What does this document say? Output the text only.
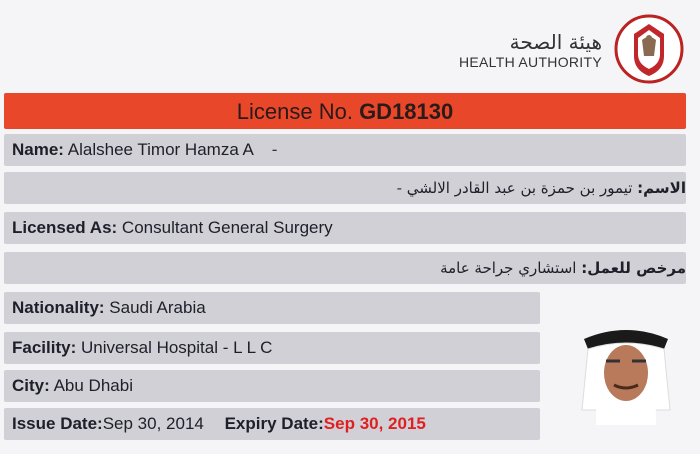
هيئة الصحة
HEALTH AUTHORITY
License No. GD18130
Name: Alalshee Timor Hamza A -
الاسم: تيمور بن حمزة بن عبد القادر الالشي -
Licensed As: Consultant General Surgery
مرخص للعمل: استشاري جراحة عامة
Nationality: Saudi Arabia
Facility: Universal Hospital - L L C
City: Abu Dhabi
Issue Date:Sep 30, 2014 Expiry Date:Sep 30, 2015
